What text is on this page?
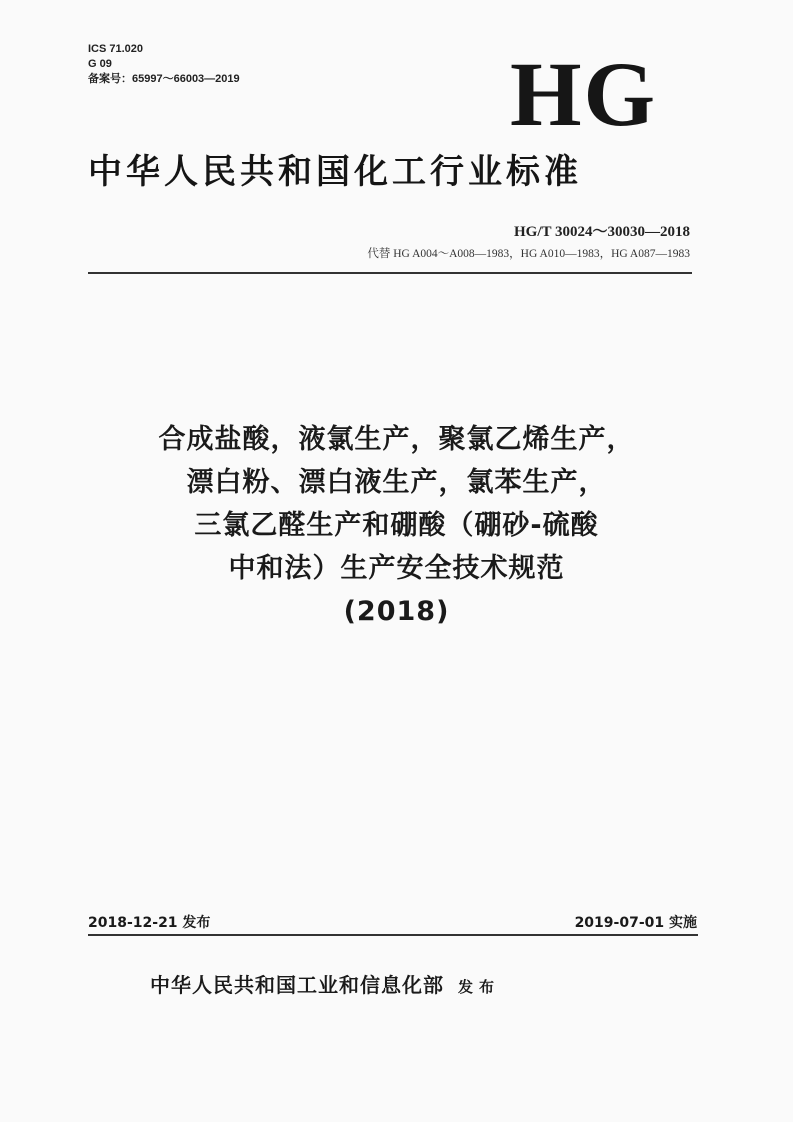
ICS 71.020
G 09
备案号：65997～66003—2019	HG
中华人民共和国化工行业标准
HG/T 30024～30030—2018
代替 HG A004～A008—1983，HG A010—1983，HG A087—1983
合成盐酸，液氯生产，聚氯乙烯生产，
漂白粉、漂白液生产，氯苯生产，
三氯乙醛生产和硼酸（硼砂-硫酸
中和法）生产安全技术规范
(2018)
2018-12-21 发布	2019-07-01 实施
中华人民共和国工业和信息化部 发布
